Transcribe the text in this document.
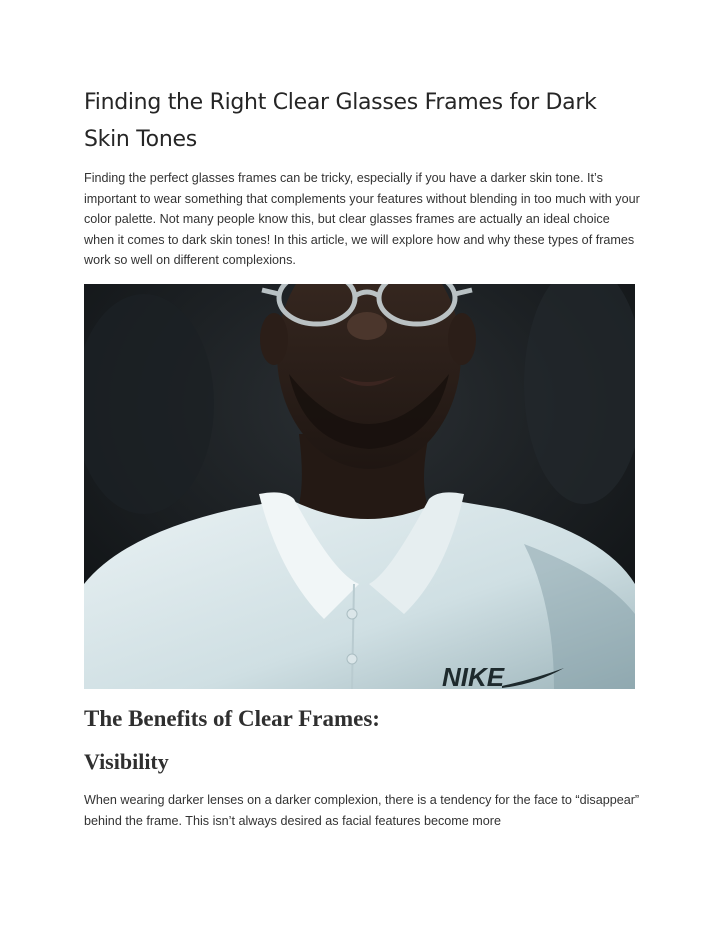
Finding the Right Clear Glasses Frames for Dark Skin Tones

Finding the perfect glasses frames can be tricky, especially if you have a darker skin tone. It’s important to wear something that complements your features without blending in too much with your color palette. Not many people know this, but clear glasses frames are actually an ideal choice when it comes to dark skin tones! In this article, we will explore how and why these types of frames work so well on different complexions.

NIKE
The Benefits of Clear Frames:
Visibility

When wearing darker lenses on a darker complexion, there is a tendency for the face to “disappear” behind the frame. This isn’t always desired as facial features become more
